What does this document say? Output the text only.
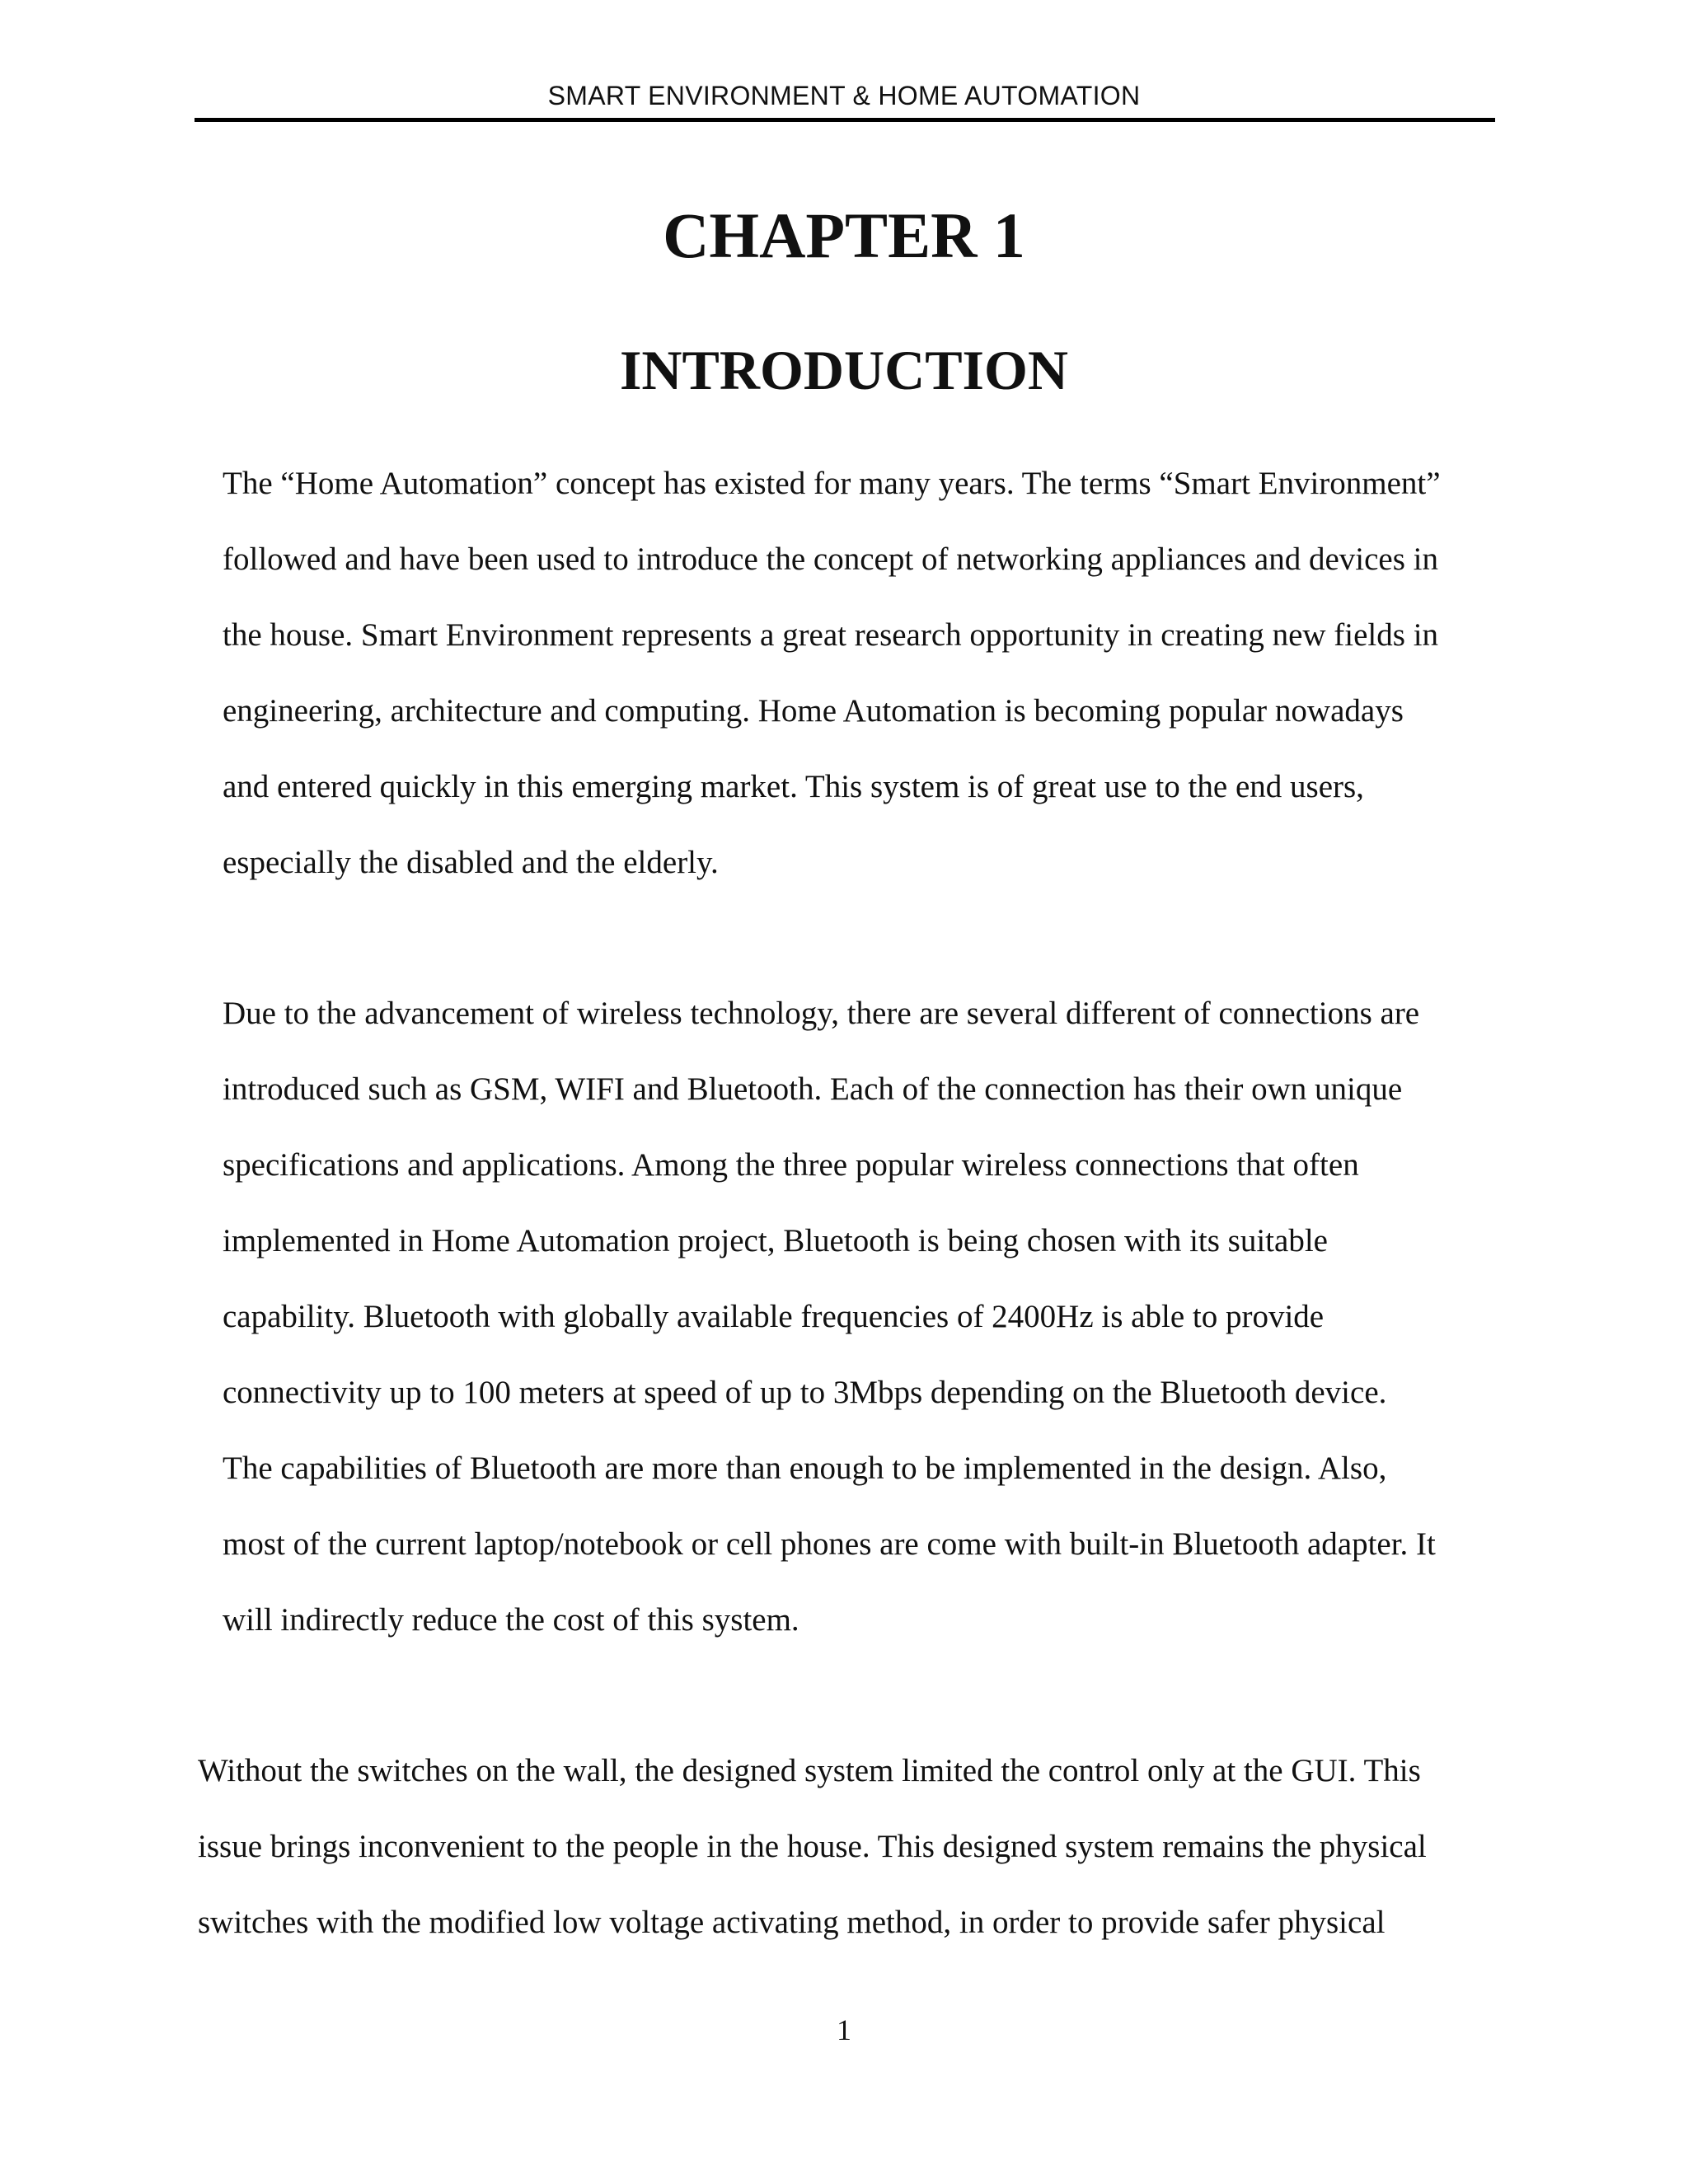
SMART ENVIRONMENT & HOME AUTOMATION
CHAPTER 1
INTRODUCTION
The “Home Automation” concept has existed for many years. The terms “Smart Environment”
followed and have been used to introduce the concept of networking appliances and devices in
the house. Smart Environment represents a great research opportunity in creating new fields in
engineering, architecture and computing. Home Automation is becoming popular nowadays
and entered quickly in this emerging market. This system is of great use to the end users,
especially the disabled and the elderly.
Due to the advancement of wireless technology, there are several different of connections are
introduced such as GSM, WIFI and Bluetooth. Each of the connection has their own unique
specifications and applications. Among the three popular wireless connections that often
implemented in Home Automation project, Bluetooth is being chosen with its suitable
capability. Bluetooth with globally available frequencies of 2400Hz is able to provide
connectivity up to 100 meters at speed of up to 3Mbps depending on the Bluetooth device.
The capabilities of Bluetooth are more than enough to be implemented in the design. Also,
most of the current laptop/notebook or cell phones are come with built-in Bluetooth adapter. It
will indirectly reduce the cost of this system.
Without the switches on the wall, the designed system limited the control only at the GUI. This
issue brings inconvenient to the people in the house. This designed system remains the physical
switches with the modified low voltage activating method, in order to provide safer physical
1
